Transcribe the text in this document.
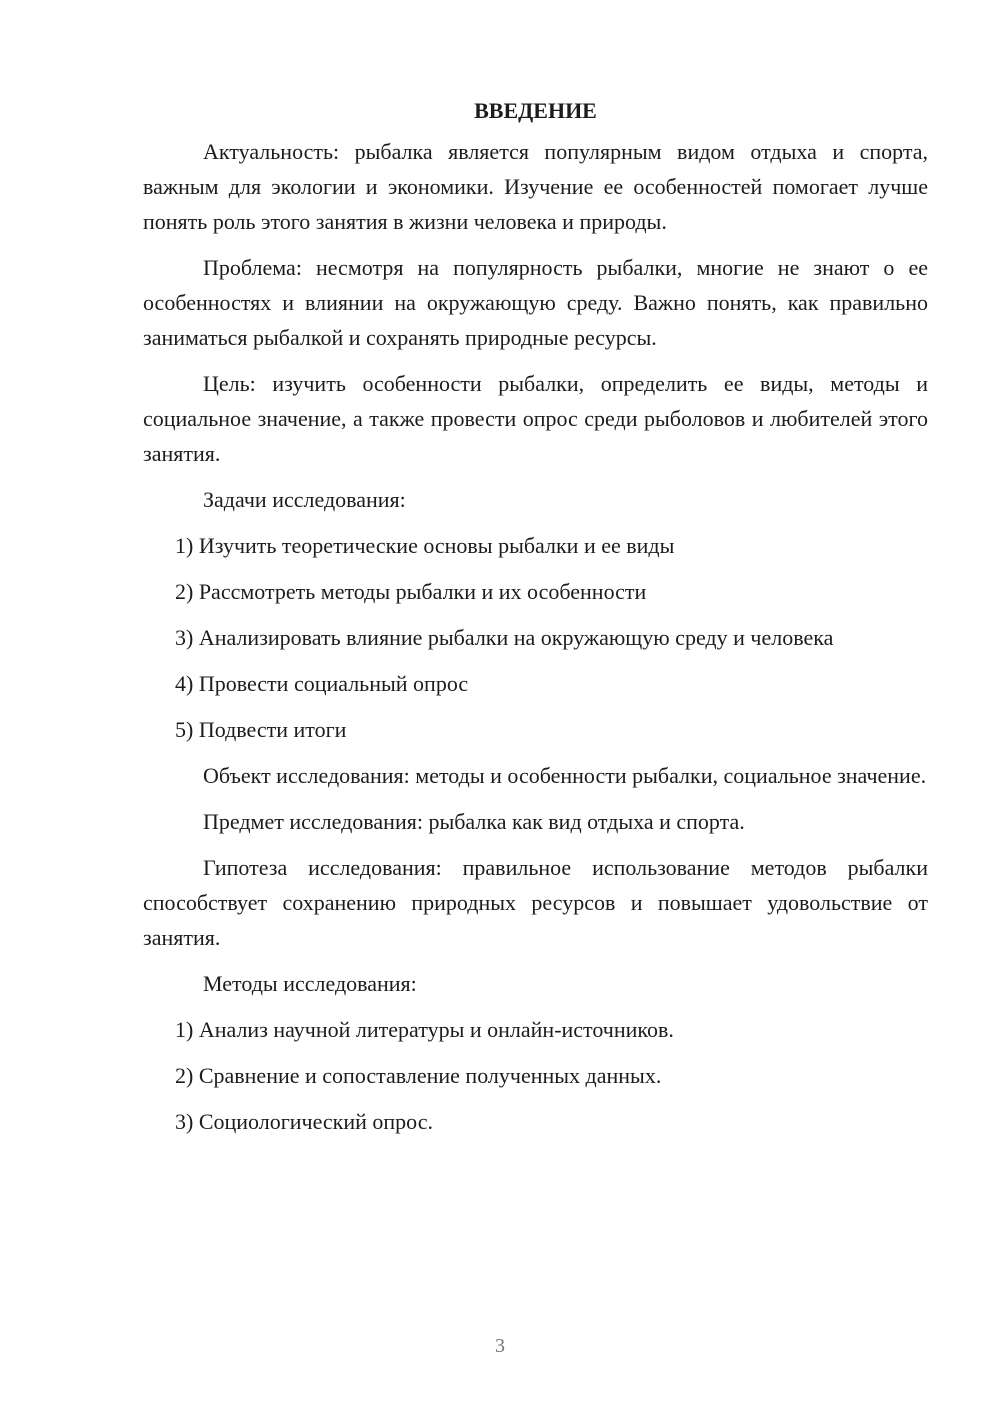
ВВЕДЕНИЕ

Актуальность: рыбалка является популярным видом отдыха и спорта, важным для экологии и экономики. Изучение ее особенностей помогает лучше понять роль этого занятия в жизни человека и природы.

Проблема: несмотря на популярность рыбалки, многие не знают о ее особенностях и влиянии на окружающую среду. Важно понять, как правильно заниматься рыбалкой и сохранять природные ресурсы.

Цель: изучить особенности рыбалки, определить ее виды, методы и социальное значение, а также провести опрос среди рыболовов и любителей этого занятия.

Задачи исследования:

1) Изучить теоретические основы рыбалки и ее виды
2) Рассмотреть методы рыбалки и их особенности
3) Анализировать влияние рыбалки на окружающую среду и человека
4) Провести социальный опрос
5) Подвести итоги

Объект исследования: методы и особенности рыбалки, социальное значение.

Предмет исследования: рыбалка как вид отдыха и спорта.

Гипотеза исследования: правильное использование методов рыбалки способствует сохранению природных ресурсов и повышает удовольствие от занятия.

Методы исследования:

1) Анализ научной литературы и онлайн-источников.
2) Сравнение и сопоставление полученных данных.
3) Социологический опрос.
3
